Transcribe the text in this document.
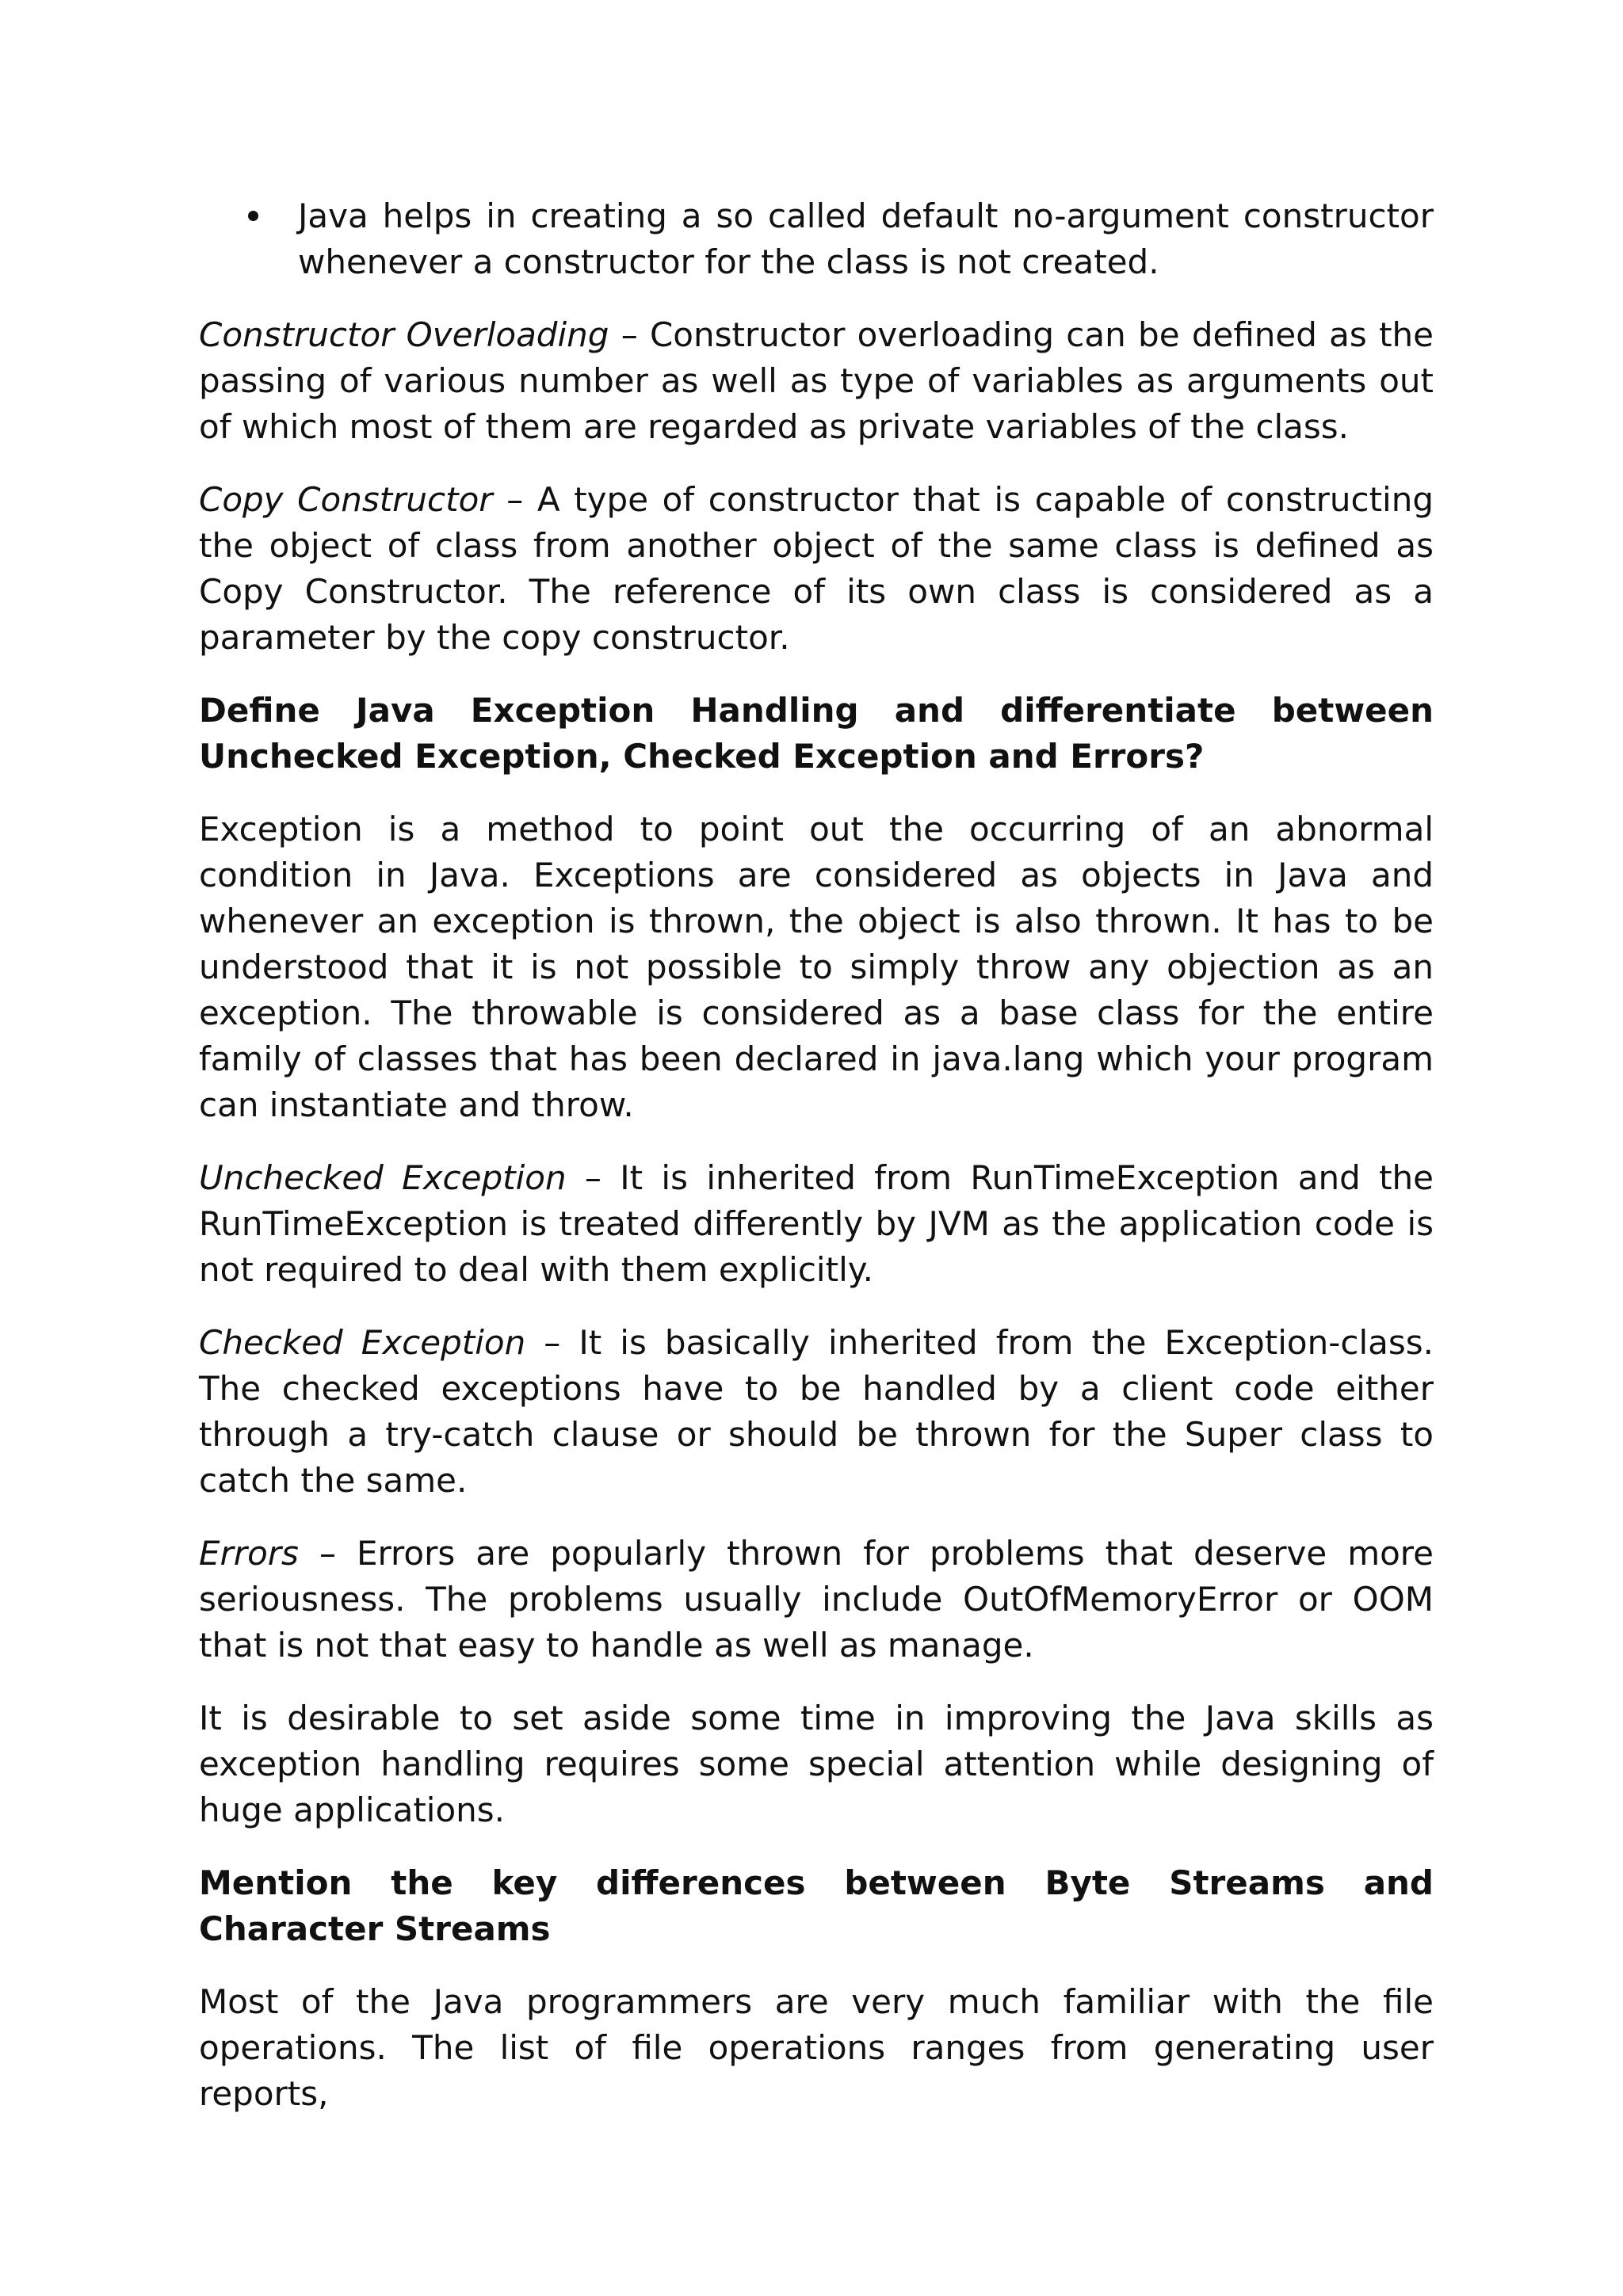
Java helps in creating a so called default no-argument constructor whenever a constructor for the class is not created.

Constructor Overloading – Constructor overloading can be defined as the passing of various number as well as type of variables as arguments out of which most of them are regarded as private variables of the class.

Copy Constructor – A type of constructor that is capable of constructing the object of class from another object of the same class is defined as Copy Constructor. The reference of its own class is considered as a parameter by the copy constructor.

Define Java Exception Handling and differentiate between Unchecked Exception, Checked Exception and Errors?

Exception is a method to point out the occurring of an abnormal condition in Java. Exceptions are considered as objects in Java and whenever an exception is thrown, the object is also thrown. It has to be understood that it is not possible to simply throw any objection as an exception. The throwable is considered as a base class for the entire family of classes that has been declared in java.lang which your program can instantiate and throw.

Unchecked Exception – It is inherited from RunTimeException and the RunTimeException is treated differently by JVM as the application code is not required to deal with them explicitly.

Checked Exception – It is basically inherited from the Exception-class. The checked exceptions have to be handled by a client code either through a try-catch clause or should be thrown for the Super class to catch the same.

Errors – Errors are popularly thrown for problems that deserve more seriousness. The problems usually include OutOfMemoryError or OOM that is not that easy to handle as well as manage.

It is desirable to set aside some time in improving the Java skills as exception handling requires some special attention while designing of huge applications.

Mention the key differences between Byte Streams and Character Streams

Most of the Java programmers are very much familiar with the file operations. The list of file operations ranges from generating user reports,
